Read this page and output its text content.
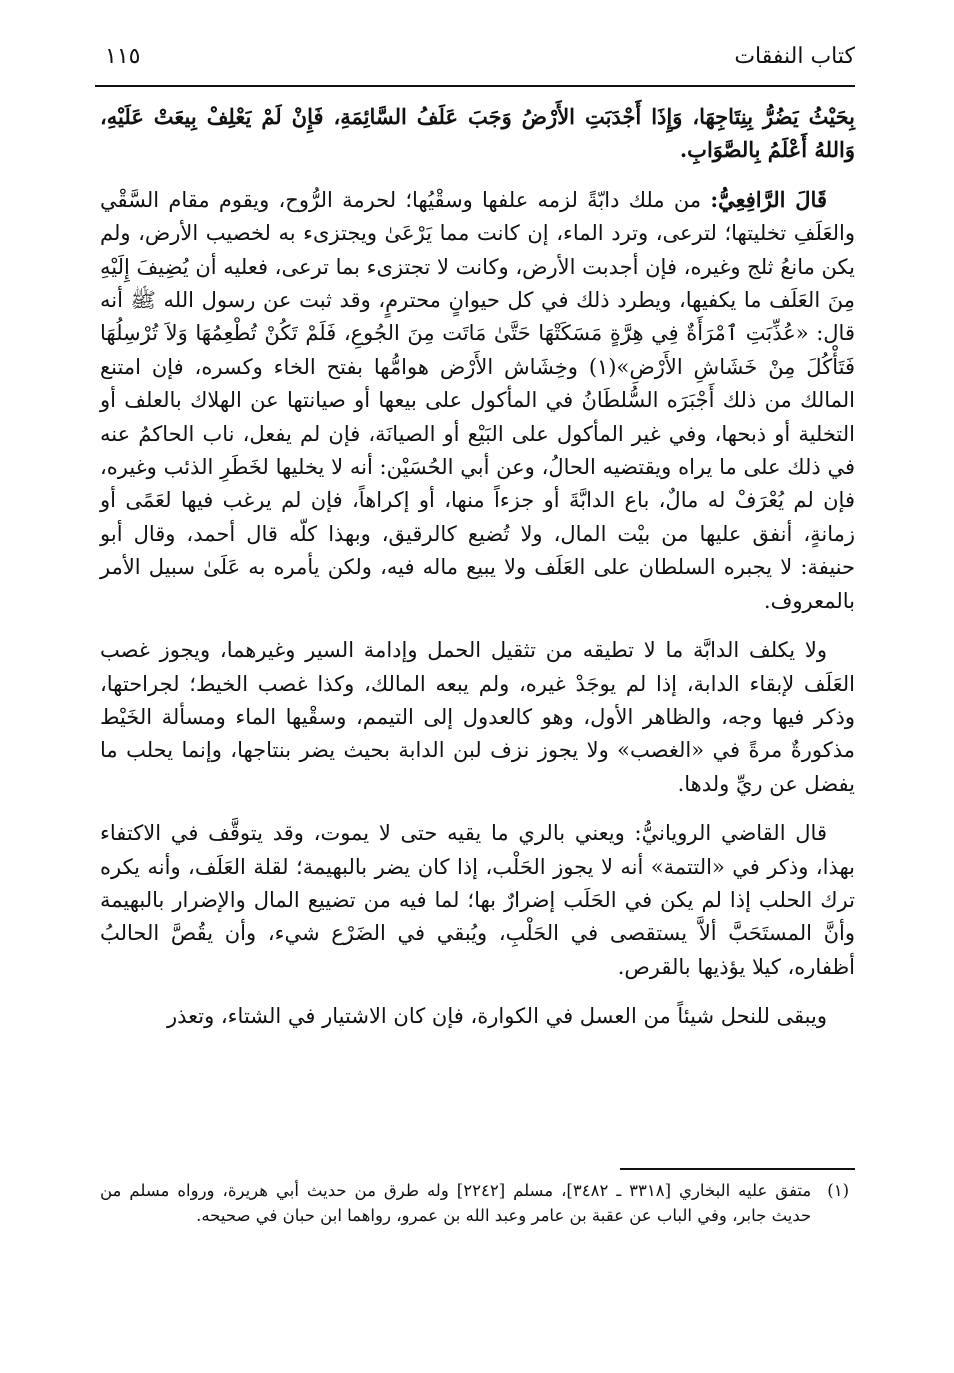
كتاب النفقات
١١٥

بِحَيْثُ يَضُرُّ بِنِتَاجِهَا، وَإِذَا أَجْدَبَتِ الأَرْضُ وَجَبَ عَلَفُ السَّائِمَةِ، فَإِنْ لَمْ يَعْلِفْ بِيعَتْ عَلَيْهِ، وَاللهُ أَعْلَمُ بِالصَّوَابِ.

قَالَ الرَّافِعِيُّ: من ملك دابّةً لزمه علفها وسقْيُها؛ لحرمة الرُّوح، ويقوم مقام السَّقْي والعَلَفِ تخليتها؛ لترعى، وترد الماء، إن كانت مما يَرْعَىٰ ويجتزىء به لخصيب الأرض، ولم يكن مانعُ ثلج وغيره، فإن أجدبت الأرض، وكانت لا تجتزىء بما ترعى، فعليه أن يُضِيفَ إِلَيْهِ مِنَ العَلَف ما يكفيها، ويطرد ذلك في كل حيوانٍ محترمٍ، وقد ثبت عن رسول الله ﷺ أنه قال: «عُذِّبَتِ ٱمْرَأَةٌ فِي هِرَّةٍ مَسَكَتْهَا حَتَّىٰ مَاتَت مِنَ الجُوعِ، فَلَمْ تَكُنْ تُطْعِمُهَا وَلاَ تُرْسِلُهَا فَتَأْكُلَ مِنْ خَشَاشِ الأَرْضِ»(١) وخِشَاش الأَرْض هوامُّها بفتح الخاء وكسره، فإن امتنع المالك من ذلك أَجْبَرَه السُّلطَانُ في المأكول على بيعها أو صيانتها عن الهلاك بالعلف أو التخلية أو ذبحها، وفي غير المأكول على البَيْع أو الصيانَة، فإن لم يفعل، ناب الحاكمُ عنه في ذلك على ما يراه ويقتضيه الحالُ، وعن أبي الحُسَيْن: أنه لا يخليها لخَطَرِ الذئب وغيره، فإن لم يُعْرَفْ له مالٌ، باع الدابَّةَ أو جزءاً منها، أو إكراهاً، فإن لم يرغب فيها لعَمًى أو زمانةٍ، أنفق عليها من بيْت المال، ولا تُضيع كالرقيق، وبهذا كلّه قال أحمد، وقال أبو حنيفة: لا يجبره السلطان على العَلَف ولا يبيع ماله فيه، ولكن يأمره به عَلَىٰ سبيل الأمر بالمعروف.

ولا يكلف الدابَّة ما لا تطيقه من تثقيل الحمل وإدامة السير وغيرهما، ويجوز غصب العَلَف لإبقاء الدابة، إذا لم يوجَدْ غيره، ولم يبعه المالك، وكذا غصب الخيط؛ لجراحتها، وذكر فيها وجه، والظاهر الأول، وهو كالعدول إلى التيمم، وسقْيها الماء ومسألة الخَيْط مذكورةٌ مرةً في «الغصب» ولا يجوز نزف لبن الدابة بحيث يضر بنتاجها، وإنما يحلب ما يفضل عن ريِّ ولدها.

قال القاضي الرويانيُّ: ويعني بالري ما يقيه حتى لا يموت، وقد يتوقَّف في الاكتفاء بهذا، وذكر في «التتمة» أنه لا يجوز الحَلْب، إذا كان يضر بالبهيمة؛ لقلة العَلَف، وأنه يكره ترك الحلب إذا لم يكن في الحَلَب إضرارٌ بها؛ لما فيه من تضييع المال والإضرار بالبهيمة وأنَّ المستَحَبَّ ألاَّ يستقصى في الحَلْبِ، ويُبقي في الضَرْع شيء، وأن يقُصَّ الحالبُ أظفاره، كيلا يؤذيها بالقرص.

ويبقى للنحل شيئاً من العسل في الكوارة، فإن كان الاشتيار في الشتاء، وتعذر

(١)
متفق عليه البخاري [٣٣١٨ ـ ٣٤٨٢]، مسلم [٢٢٤٢] وله طرق من حديث أبي هريرة، ورواه مسلم من حديث جابر، وفي الباب عن عقبة بن عامر وعبد الله بن عمرو، رواهما ابن حبان في صحيحه.
